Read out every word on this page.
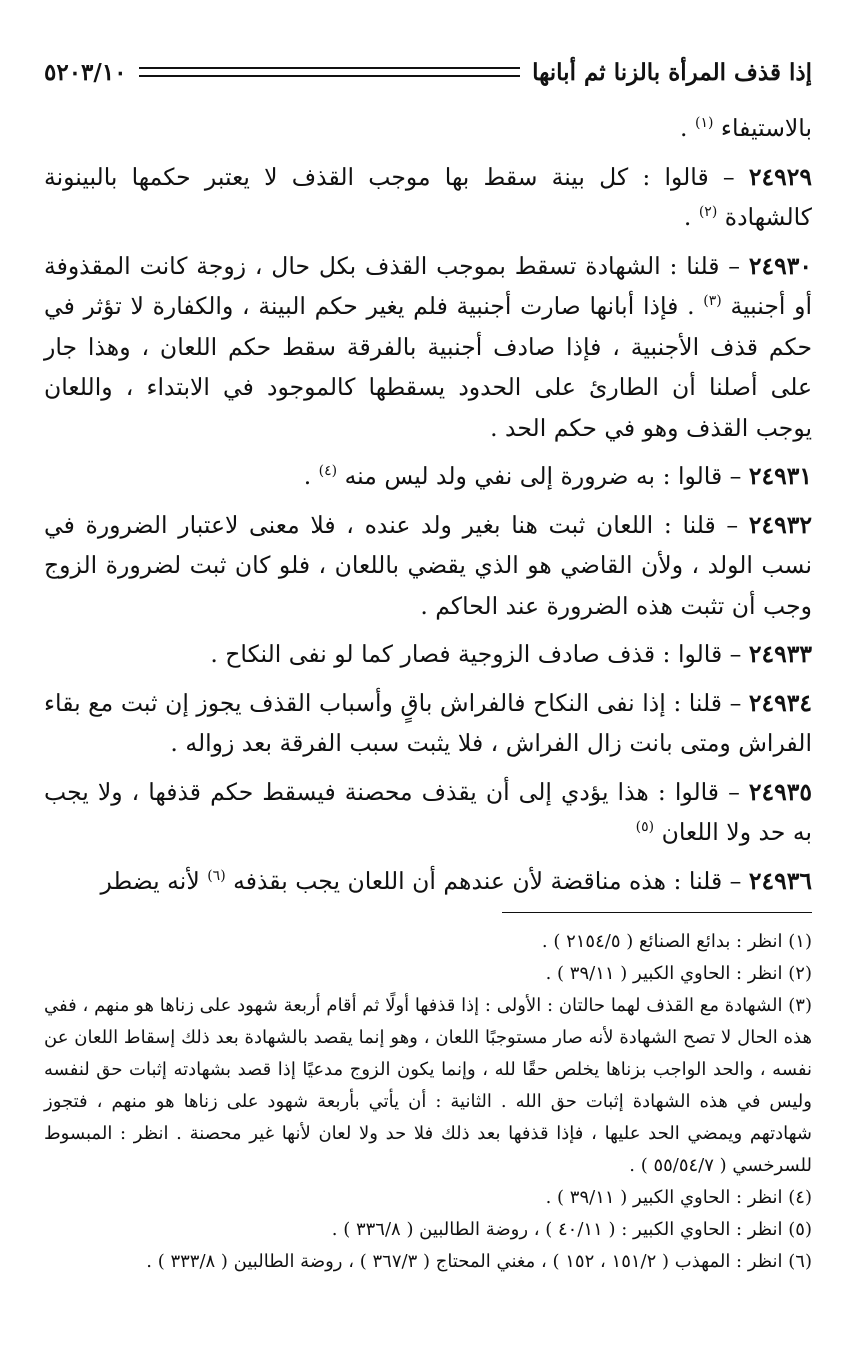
إذا قذف المرأة بالزنا ثم أبانها
٥٢٠٣/١٠

بالاستيفاء $^{(١)}$ .

٢٤٩٢٩ – قالوا : كل بينة سقط بها موجب القذف لا يعتبر حكمها بالبينونة كالشهادة $^{(٢)}$ .

٢٤٩٣٠ – قلنا : الشهادة تسقط بموجب القذف بكل حال ، زوجة كانت المقذوفة أو أجنبية $^{(٣)}$ . فإذا أبانها صارت أجنبية فلم يغير حكم البينة ، والكفارة لا تؤثر في حكم قذف الأجنبية ، فإذا صادف أجنبية بالفرقة سقط حكم اللعان ، وهذا جار على أصلنا أن الطارئ على الحدود يسقطها كالموجود في الابتداء ، واللعان يوجب القذف وهو في حكم الحد .

٢٤٩٣١ – قالوا : به ضرورة إلى نفي ولد ليس منه $^{(٤)}$ .

٢٤٩٣٢ – قلنا : اللعان ثبت هنا بغير ولد عنده ، فلا معنى لاعتبار الضرورة في نسب الولد ، ولأن القاضي هو الذي يقضي باللعان ، فلو كان ثبت لضرورة الزوج وجب أن تثبت هذه الضرورة عند الحاكم .

٢٤٩٣٣ – قالوا : قذف صادف الزوجية فصار كما لو نفى النكاح .

٢٤٩٣٤ – قلنا : إذا نفى النكاح فالفراش باقٍ وأسباب القذف يجوز إن ثبت مع بقاء الفراش ومتى بانت زال الفراش ، فلا يثبت سبب الفرقة بعد زواله .

٢٤٩٣٥ – قالوا : هذا يؤدي إلى أن يقذف محصنة فيسقط حكم قذفها ، ولا يجب به حد ولا اللعان $^{(٥)}$

٢٤٩٣٦ – قلنا : هذه مناقضة لأن عندهم أن اللعان يجب بقذفه $^{(٦)}$ لأنه يضطر

(١) انظر : بدائع الصنائع ( ٢١٥٤/٥ ) .

(٢) انظر : الحاوي الكبير ( ٣٩/١١ ) .

(٣) الشهادة مع القذف لهما حالتان : الأولى : إذا قذفها أولًا ثم أقام أربعة شهود على زناها هو منهم ، ففي هذه الحال لا تصح الشهادة لأنه صار مستوجبًا اللعان ، وهو إنما يقصد بالشهادة بعد ذلك إسقاط اللعان عن نفسه ، والحد الواجب بزناها يخلص حقًا لله ، وإنما يكون الزوج مدعيًا إذا قصد بشهادته إثبات حق لنفسه وليس في هذه الشهادة إثبات حق الله . الثانية : أن يأتي بأربعة شهود على زناها هو منهم ، فتجوز شهادتهم ويمضي الحد عليها ، فإذا قذفها بعد ذلك فلا حد ولا لعان لأنها غير محصنة . انظر : المبسوط للسرخسي ( ٥٥/٥٤/٧ ) .

(٤) انظر : الحاوي الكبير ( ٣٩/١١ ) .

(٥) انظر : الحاوي الكبير : ( ٤٠/١١ ) ، روضة الطالبين ( ٣٣٦/٨ ) .

(٦) انظر : المهذب ( ١٥١/٢ ، ١٥٢ ) ، مغني المحتاج ( ٣٦٧/٣ ) ، روضة الطالبين ( ٣٣٣/٨ ) .
